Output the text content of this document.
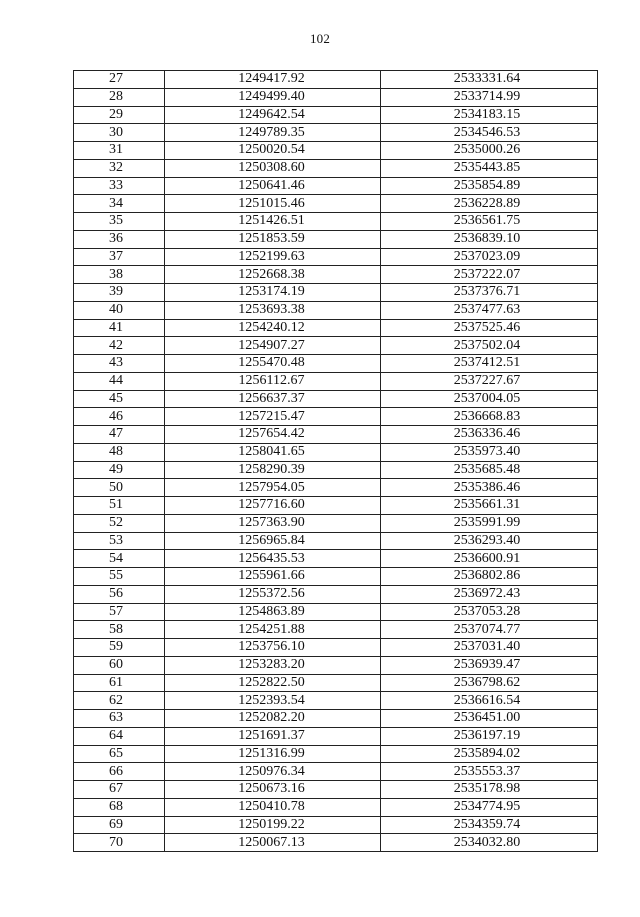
102
27	1249417.92	2533331.64
28	1249499.40	2533714.99
29	1249642.54	2534183.15
30	1249789.35	2534546.53
31	1250020.54	2535000.26
32	1250308.60	2535443.85
33	1250641.46	2535854.89
34	1251015.46	2536228.89
35	1251426.51	2536561.75
36	1251853.59	2536839.10
37	1252199.63	2537023.09
38	1252668.38	2537222.07
39	1253174.19	2537376.71
40	1253693.38	2537477.63
41	1254240.12	2537525.46
42	1254907.27	2537502.04
43	1255470.48	2537412.51
44	1256112.67	2537227.67
45	1256637.37	2537004.05
46	1257215.47	2536668.83
47	1257654.42	2536336.46
48	1258041.65	2535973.40
49	1258290.39	2535685.48
50	1257954.05	2535386.46
51	1257716.60	2535661.31
52	1257363.90	2535991.99
53	1256965.84	2536293.40
54	1256435.53	2536600.91
55	1255961.66	2536802.86
56	1255372.56	2536972.43
57	1254863.89	2537053.28
58	1254251.88	2537074.77
59	1253756.10	2537031.40
60	1253283.20	2536939.47
61	1252822.50	2536798.62
62	1252393.54	2536616.54
63	1252082.20	2536451.00
64	1251691.37	2536197.19
65	1251316.99	2535894.02
66	1250976.34	2535553.37
67	1250673.16	2535178.98
68	1250410.78	2534774.95
69	1250199.22	2534359.74
70	1250067.13	2534032.80
